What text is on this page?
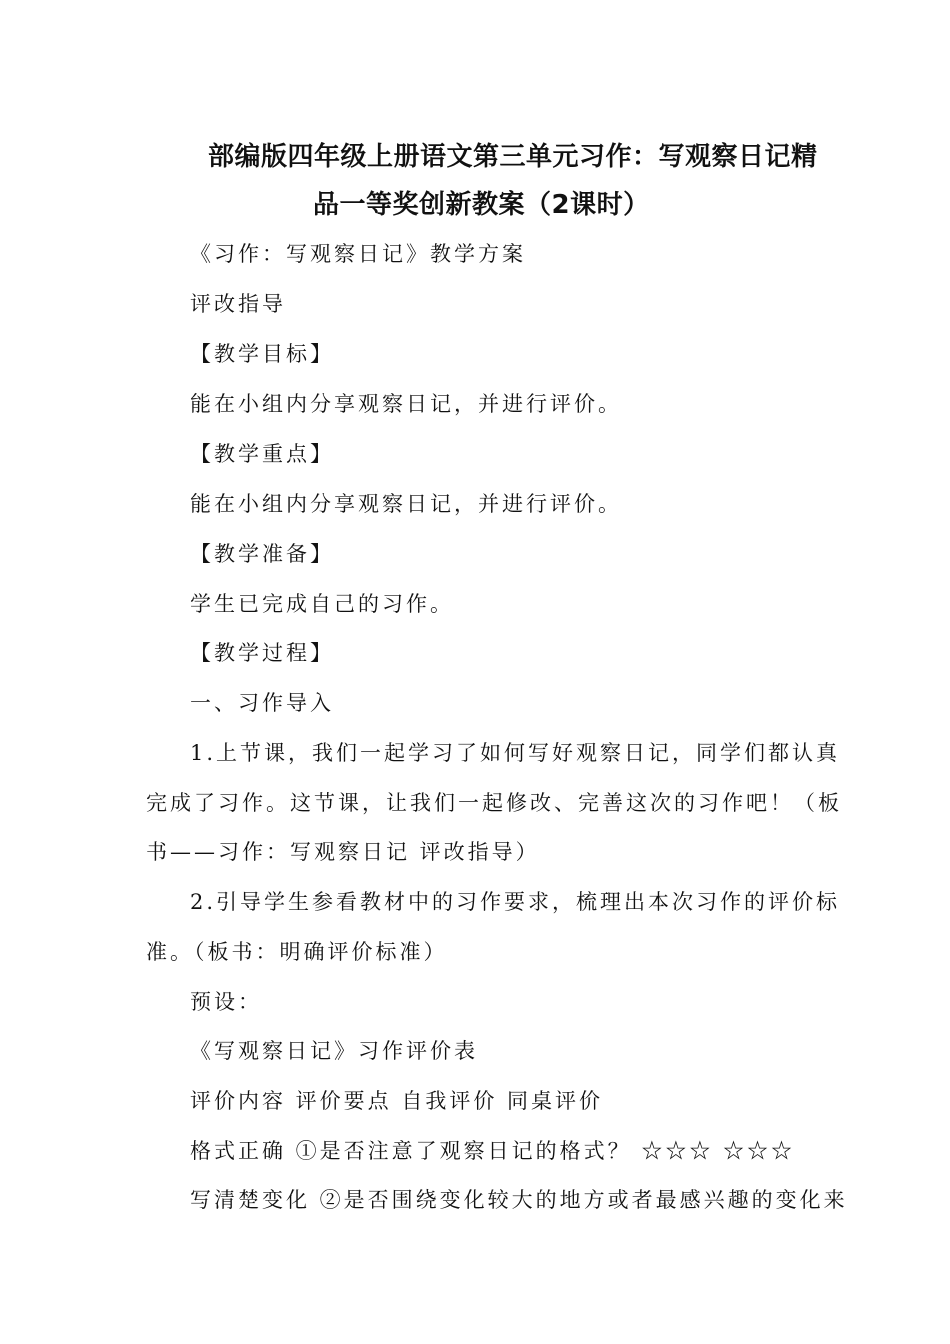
部编版四年级上册语文第三单元习作：写观察日记精
品一等奖创新教案（2课时）
《习作：写观察日记》教学方案
评改指导
【教学目标】
能在小组内分享观察日记，并进行评价。
【教学重点】
能在小组内分享观察日记，并进行评价。
【教学准备】
学生已完成自己的习作。
【教学过程】
一、习作导入
1.上节课，我们一起学习了如何写好观察日记，同学们都认真
完成了习作。这节课，让我们一起修改、完善这次的习作吧！（板
书——习作：写观察日记 评改指导）
2.引导学生参看教材中的习作要求，梳理出本次习作的评价标
准。（板书：明确评价标准）
预设：
《写观察日记》习作评价表
评价内容 评价要点 自我评价 同桌评价
格式正确 ①是否注意了观察日记的格式？ ☆☆☆ ☆☆☆
写清楚变化 ②是否围绕变化较大的地方或者最感兴趣的变化来
